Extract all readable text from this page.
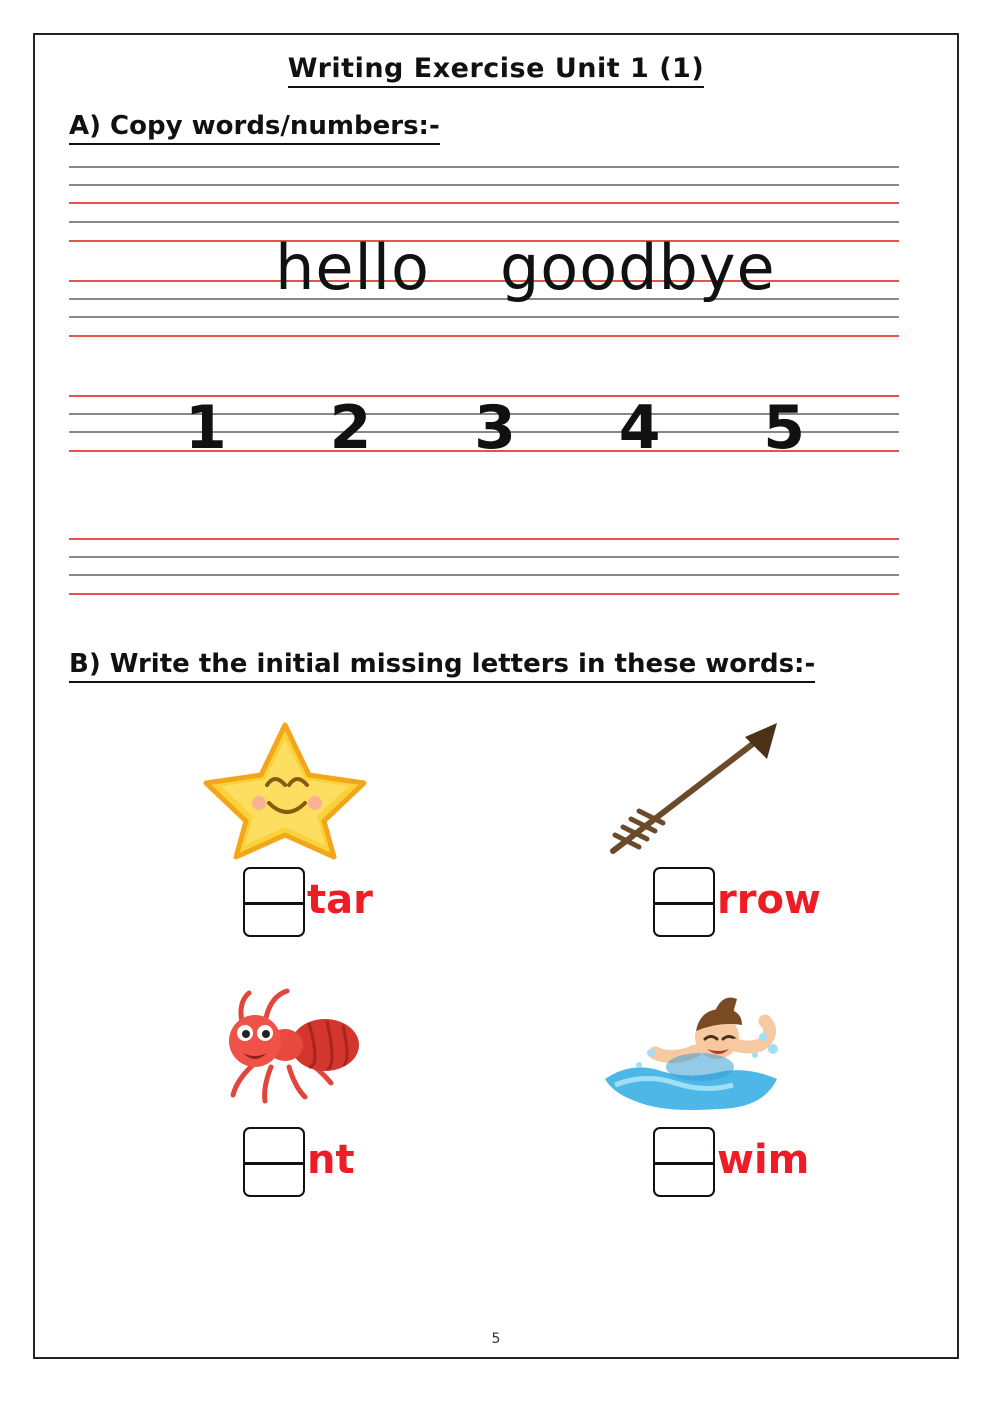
Writing Exercise Unit 1 (1)
A) Copy words/numbers:-

hello goodbye

1 2 3 4 5
B) Write the initial missing letters in these words:-
tar	rrow
nt	wim
5
